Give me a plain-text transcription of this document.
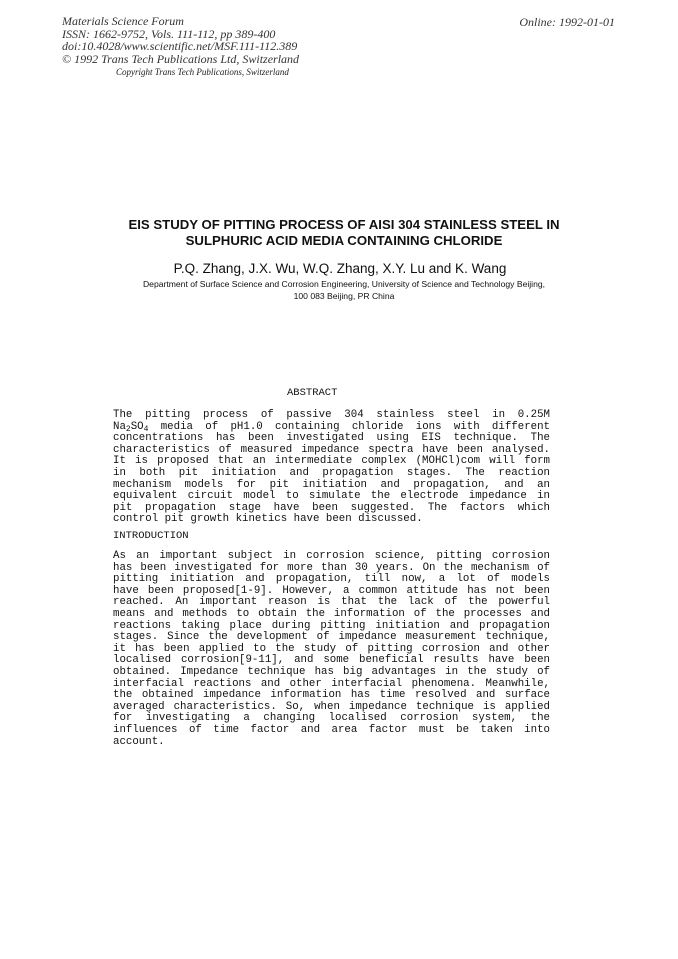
Materials Science Forum
ISSN: 1662-9752, Vols. 111-112, pp 389-400
doi:10.4028/www.scientific.net/MSF.111-112.389
© 1992 Trans Tech Publications Ltd, Switzerland
Copyright Trans Tech Publications, Switzerland
Online: 1992-01-01
EIS STUDY OF PITTING PROCESS OF AISI 304 STAINLESS STEEL IN
SULPHURIC ACID MEDIA CONTAINING CHLORIDE
P.Q. Zhang, J.X. Wu, W.Q. Zhang, X.Y. Lu and K. Wang
Department of Surface Science and Corrosion Engineering, University of Science and Technology Beijing,
100 083 Beijing, PR China
ABSTRACT
The pitting process of passive 304 stainless steel in 0.25M
$Na_2SO_4$ media of pH1.0 containing chloride ions with different
concentrations has been investigated using EIS technique. The
characteristics of measured impedance spectra have been analysed.
It is proposed that an intermediate complex (MOHCl)com will form
in both pit initiation and propagation stages. The reaction
mechanism models for pit initiation and propagation, and an
equivalent circuit model to simulate the electrode impedance in
pit propagation stage have been suggested. The factors which
control pit growth kinetics have been discussed.
INTRODUCTION
As an important subject in corrosion science, pitting corrosion
has been investigated for more than 30 years. On the mechanism of
pitting initiation and propagation, till now, a lot of models
have been proposed[1-9]. However, a common attitude has not been
reached. An important reason is that the lack of the powerful
means and methods to obtain the information of the processes and
reactions taking place during pitting initiation and propagation
stages. Since the development of impedance measurement technique,
it has been applied to the study of pitting corrosion and other
localised corrosion[9-11], and some beneficial results have been
obtained. Impedance technique has big advantages in the study of
interfacial reactions and other interfacial phenomena. Meanwhile,
the obtained impedance information has time resolved and surface
averaged characteristics. So, when impedance technique is applied
for investigating a changing localised corrosion system, the
influences of time factor and area factor must be taken into
account.
